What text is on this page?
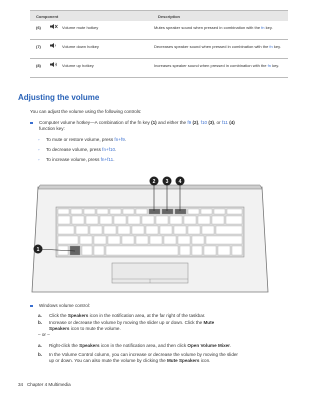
Component	Description
(6)	Volume mute hotkey	Mutes speaker sound when pressed in combination with the fn key.
(7)	Volume down hotkey	Decreases speaker sound when pressed in combination with the fn key.
(8)	Volume up hotkey	Increases speaker sound when pressed in combination with the fn key.
Adjusting the volume
You can adjust the volume using the following controls:
Computer volume hotkey—A combination of the fn key (1) and either the f9 (2), f10 (3), or f11 (4)
function key:
◦ To mute or restore volume, press fn+f9.
◦ To decrease volume, press fn+f10.
◦ To increase volume, press fn+f11.
1
2 3 4
Windows volume control:
a. Click the Speakers icon in the notification area, at the far right of the taskbar.
b. Increase or decrease the volume by moving the slider up or down. Click the Mute
Speakers icon to mute the volume.
– or –
a. Right-click the Speakers icon in the notification area, and then click Open Volume Mixer.
b. In the Volume Control column, you can increase or decrease the volume by moving the slider
up or down. You can also mute the volume by clicking the Mute Speakers icon.
34 Chapter 4 Multimedia
